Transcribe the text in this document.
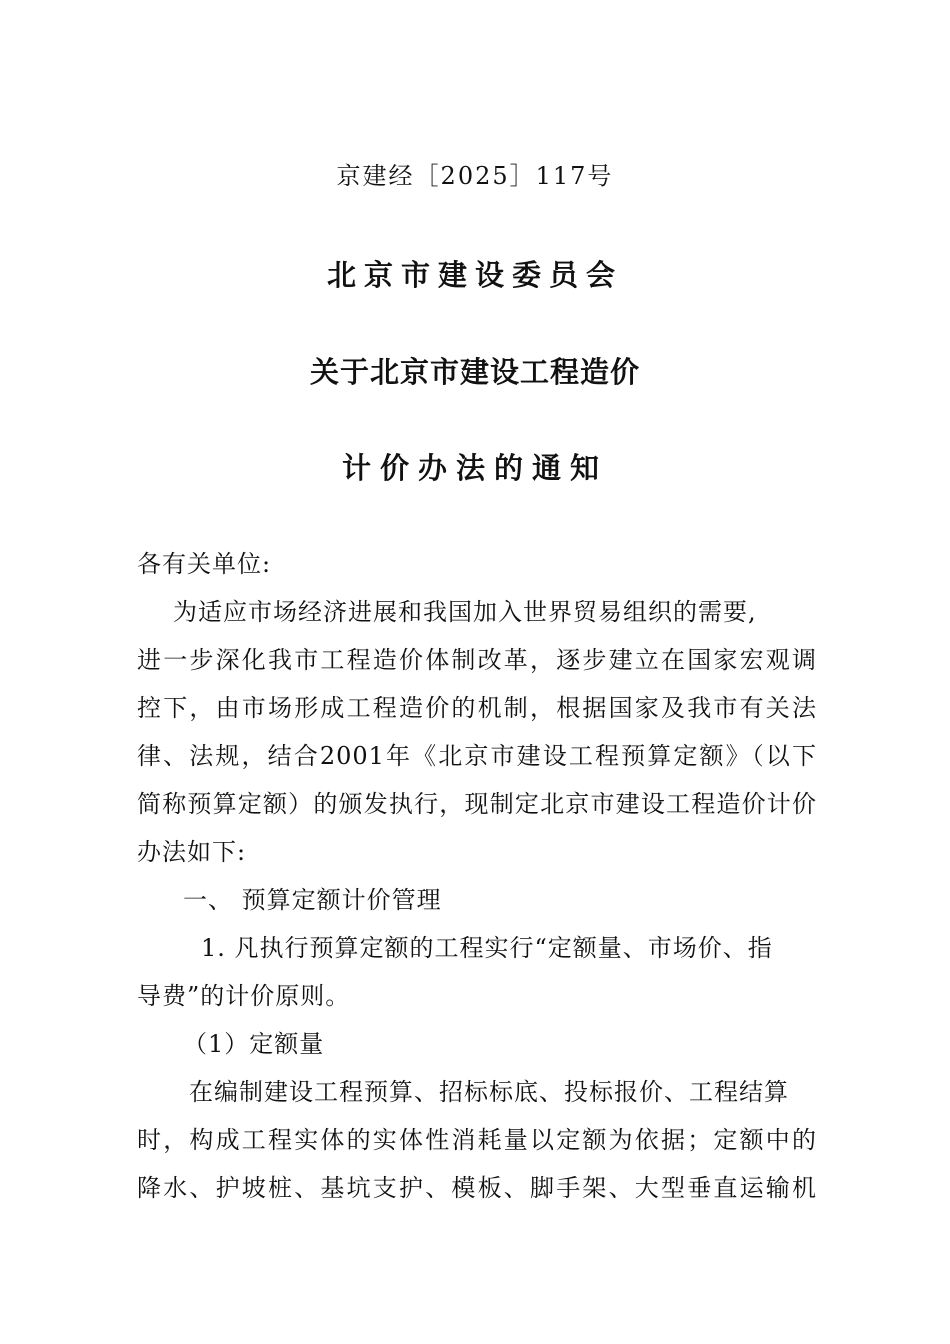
京建经［2025］117号
北京市建设委员会
关于北京市建设工程造价
计价办法的通知
各有关单位:
为适应市场经济进展和我国加入世界贸易组织的需要,
进一步深化我市工程造价体制改革，逐步建立在国家宏观调
控下，由市场形成工程造价的机制，根据国家及我市有关法
律、法规，结合2001年《北京市建设工程预算定额》（以下
简称预算定额）的颁发执行，现制定北京市建设工程造价计价
办法如下:
一、 预算定额计价管理
1. 凡执行预算定额的工程实行“定额量、市场价、指
导费”的计价原则。
（1）定额量
在编制建设工程预算、招标标底、投标报价、工程结算
时，构成工程实体的实体性消耗量以定额为依据；定额中的
降水、护坡桩、基坑支护、模板、脚手架、大型垂直运输机
